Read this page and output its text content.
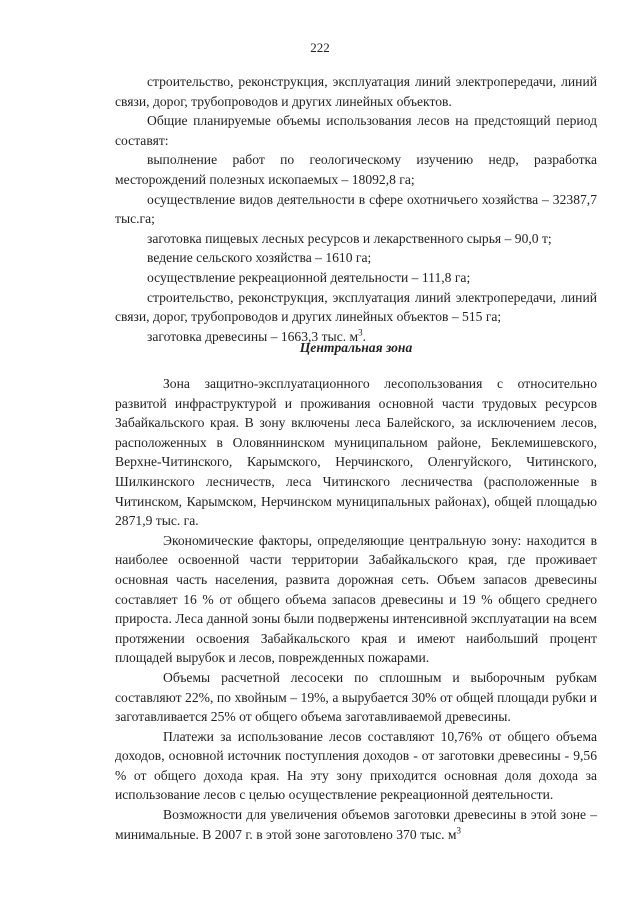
222

строительство, реконструкция, эксплуатация линий электропередачи, линий связи, дорог, трубопроводов и других линейных объектов.

Общие планируемые объемы использования лесов на предстоящий период составят:

выполнение работ по геологическому изучению недр, разработка месторождений полезных ископаемых – 18092,8 га;

осуществление видов деятельности в сфере охотничьего хозяйства – 32387,7 тыс.га;

заготовка пищевых лесных ресурсов и лекарственного сырья – 90,0 т;

ведение сельского хозяйства – 1610 га;

осуществление рекреационной деятельности – 111,8 га;

строительство, реконструкция, эксплуатация линий электропередачи, линий связи, дорог, трубопроводов и других линейных объектов – 515 га;

заготовка древесины – 1663,3 тыс. $м^3$.

Центральная зона

Зона защитно-эксплуатационного лесопользования с относительно развитой инфраструктурой и проживания основной части трудовых ресурсов Забайкальского края. В зону включены леса Балейского, за исключением лесов, расположенных в Оловяннинском муниципальном районе, Беклемишевского, Верхне-Читинского, Карымского, Нерчинского, Оленгуйского, Читинского, Шилкинского лесничеств, леса Читинского лесничества (расположенные в Читинском, Карымском, Нерчинском муниципальных районах), общей площадью 2871,9 тыс. га.

Экономические факторы, определяющие центральную зону: находится в наиболее освоенной части территории Забайкальского края, где проживает основная часть населения, развита дорожная сеть. Объем запасов древесины составляет 16 % от общего объема запасов древесины и 19 % общего среднего прироста. Леса данной зоны были подвержены интенсивной эксплуатации на всем протяжении освоения Забайкальского края и имеют наибольший процент площадей вырубок и лесов, поврежденных пожарами.

Объемы расчетной лесосеки по сплошным и выборочным рубкам составляют 22%, по хвойным – 19%, а вырубается 30% от общей площади рубки и заготавливается 25% от общего объема заготавливаемой древесины.

Платежи за использование лесов составляют 10,76% от общего объема доходов, основной источник поступления доходов - от заготовки древесины - 9,56 % от общего дохода края. На эту зону приходится основная доля дохода за использование лесов с целью осуществление рекреационной деятельности.

Возможности для увеличения объемов заготовки древесины в этой зоне – минимальные. В 2007 г. в этой зоне заготовлено 370 тыс. $м^3$
